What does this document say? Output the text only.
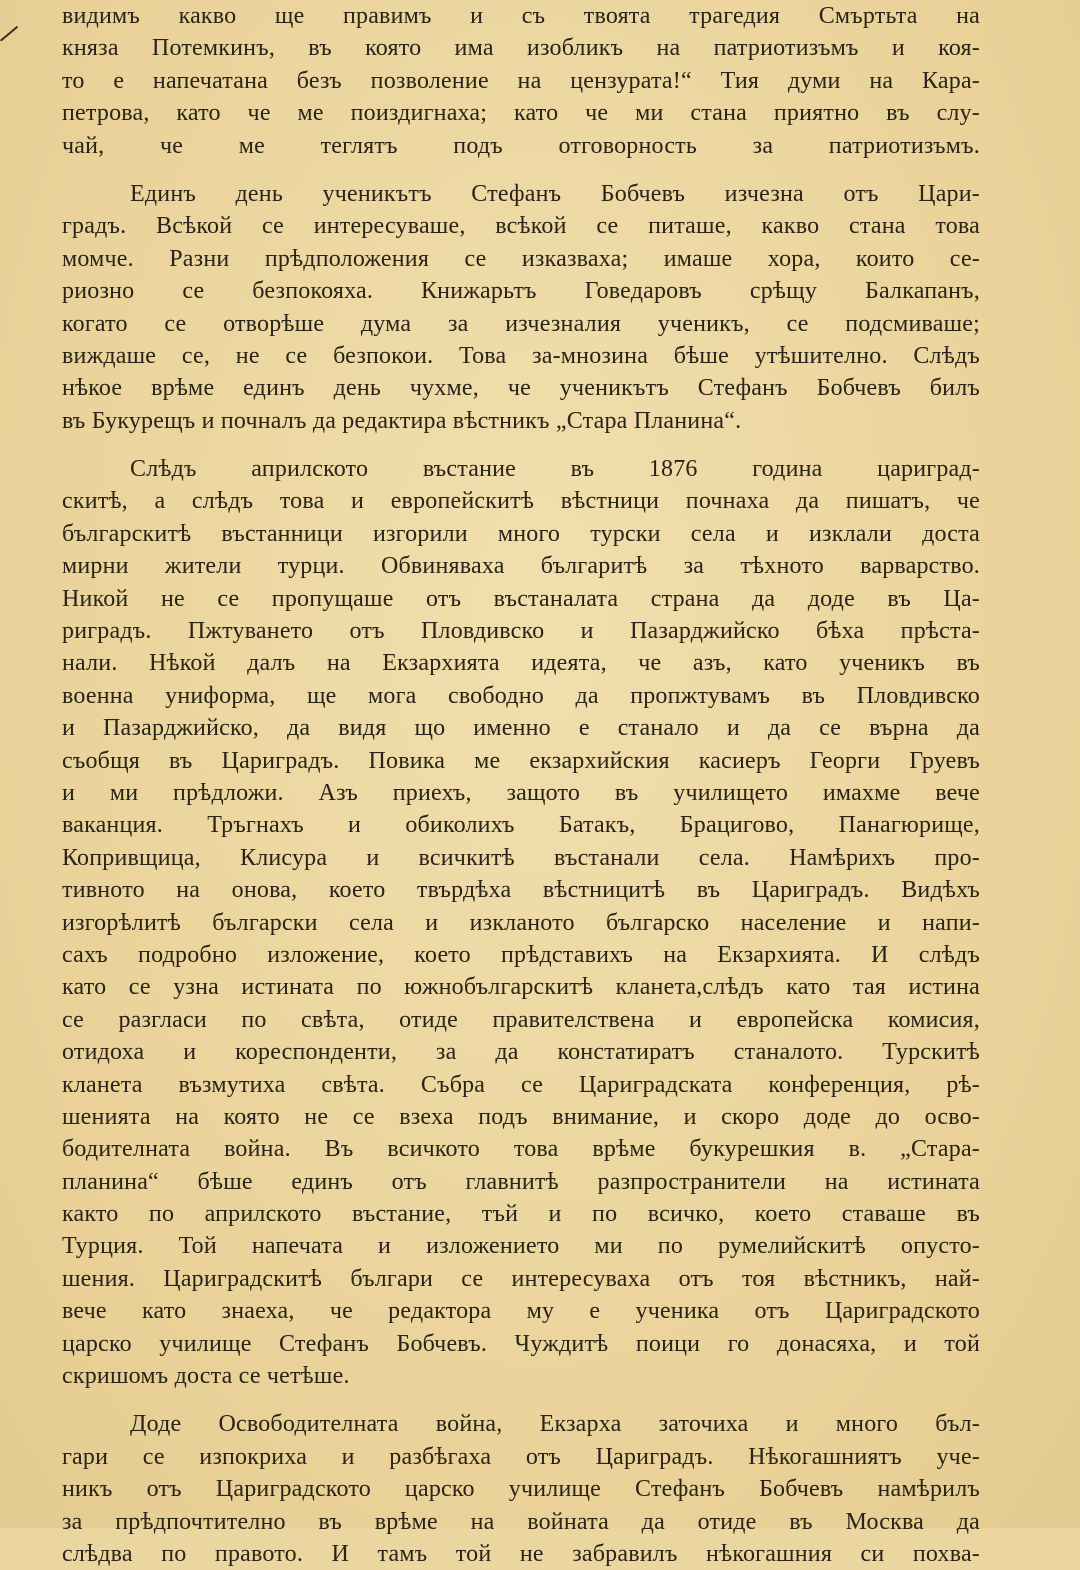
видимъ какво ще правимъ и съ твоята трагедия Смъртьта на
княза Потемкинъ, въ която има изобликъ на патриотизъмъ и коя-
то е напечатана безъ позволение на цензурата!“ Тия думи на Кара-
петрова, като че ме поиздигнаха; като че ми стана приятно въ слу-
чай, че ме теглятъ подъ отговорность за патриотизъмъ.
Единъ день ученикътъ Стефанъ Бобчевъ изчезна отъ Цари-
градъ. Всѣкой се интересуваше, всѣкой се питаше, какво стана това
момче. Разни прѣдположения се изказваха; имаше хора, които се-
риозно се безпокояха. Книжарьтъ Говедаровъ срѣщу Балкапанъ,
когато се отворѣше дума за изчезналия ученикъ, се подсмиваше;
виждаше се, не се безпокои. Това за-мнозина бѣше утѣшително. Слѣдъ
нѣкое врѣме единъ день чухме, че ученикътъ Стефанъ Бобчевъ билъ
въ Букурещъ и почналъ да редактира вѣстникъ „Стара Планина“.
Слѣдъ априлското въстание въ 1876 година цариград-
скитѣ, а слѣдъ това и европейскитѣ вѣстници почнаха да пишатъ, че
българскитѣ въстанници изгорили много турски села и изклали доста
мирни жители турци. Обвиняваха българитѣ за тѣхното варварство.
Никой не се пропущаше отъ въстаналата страна да доде въ Ца-
риградъ. Пжтуването отъ Пловдивско и Пазарджийско бѣха прѣста-
нали. Нѣкой далъ на Екзархията идеята, че азъ, като ученикъ въ
военна униформа, ще мога свободно да пропжтувамъ въ Пловдивско
и Пазарджийско, да видя що именно е станало и да се върна да
съобщя въ Цариградъ. Повика ме екзархийския касиеръ Георги Груевъ
и ми прѣдложи. Азъ приехъ, защото въ училището имахме вече
ваканция. Тръгнахъ и обиколихъ Батакъ, Брацигово, Панагюрище,
Копривщица, Клисура и всичкитѣ въстанали села. Намѣрихъ про-
тивното на онова, което твърдѣха вѣстницитѣ въ Цариградъ. Видѣхъ
изгорѣлитѣ български села и изкланото българско население и напи-
сахъ подробно изложение, което прѣдставихъ на Екзархията. И слѣдъ
като се узна истината по южнобългарскитѣ кланета,слѣдъ като тая истина
се разгласи по свѣта, отиде правителствена и европейска комисия,
отидоха и кореспонденти, за да констатиратъ станалото. Турскитѣ
кланета възмутиха свѣта. Събра се Цариградската конференция, рѣ-
шенията на която не се взеха подъ внимание, и скоро доде до осво-
бодителната война. Въ всичкото това врѣме букурешкия в. „Стара-
планина“ бѣше единъ отъ главнитѣ разпространители на истината
както по априлското въстание, тъй и по всичко, което ставаше въ
Турция. Той напечата и изложението ми по румелийскитѣ опусто-
шения. Цариградскитѣ българи се интересуваха отъ тоя вѣстникъ, най-
вече като знаеха, че редактора му е ученика отъ Цариградското
царско училище Стефанъ Бобчевъ. Чуждитѣ поици го донасяха, и той
скришомъ доста се четѣше.
Доде Освободителната война, Екзарха заточиха и много бъл-
гари се изпокриха и разбѣгаха отъ Цариградъ. Нѣкогашниятъ уче-
никъ отъ Цариградското царско училище Стефанъ Бобчевъ намѣрилъ
за прѣдпочтително въ врѣме на войната да отиде въ Москва да
слѣдва по правото. И тамъ той не забравилъ нѣкогашния си похва-
